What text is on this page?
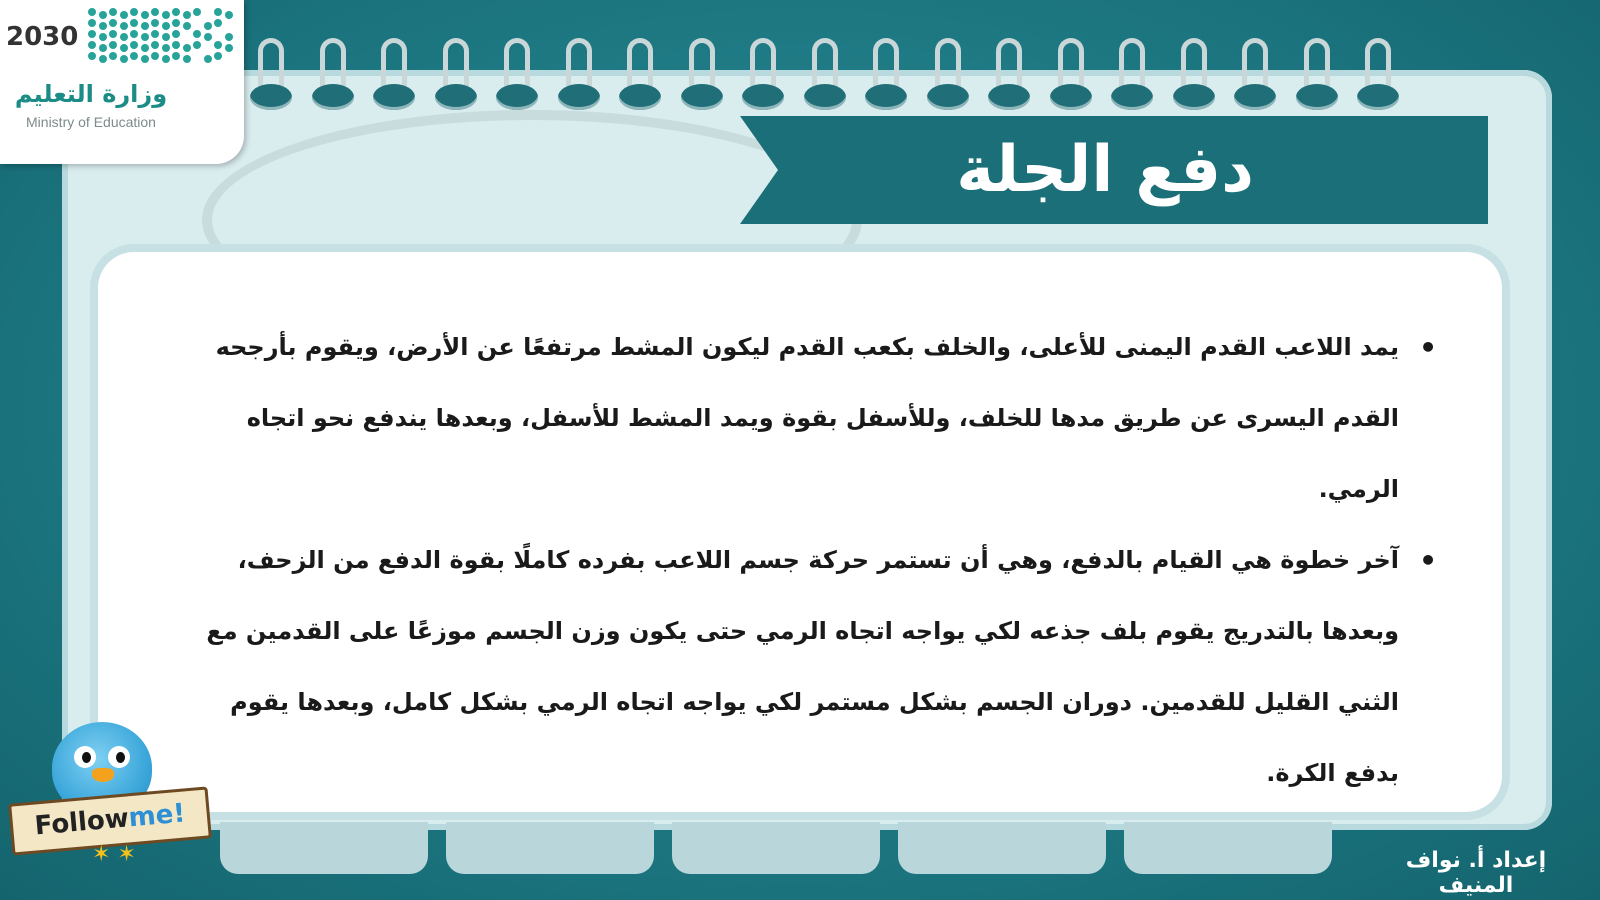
دفع الجلة
• يمد اللاعب القدم اليمنى للأعلى، والخلف بكعب القدم ليكون المشط مرتفعًا عن الأرض، ويقوم بأرجحه القدم اليسرى عن طريق مدها للخلف، وللأسفل بقوة ويمد المشط للأسفل، وبعدها يندفع نحو اتجاه الرمي.
• آخر خطوة هي القيام بالدفع، وهي أن تستمر حركة جسم اللاعب بفرده كاملًا بقوة الدفع من الزحف، وبعدها بالتدريج يقوم بلف جذعه لكي يواجه اتجاه الرمي حتى يكون وزن الجسم موزعًا على القدمين مع الثني القليل للقدمين. دوران الجسم بشكل مستمر لكي يواجه اتجاه الرمي بشكل كامل، وبعدها يقوم بدفع الكرة.
2030
وزارة التعليم
Ministry of Education
Followme!
✶ ✶	إعداد أ. نواف المنيف
